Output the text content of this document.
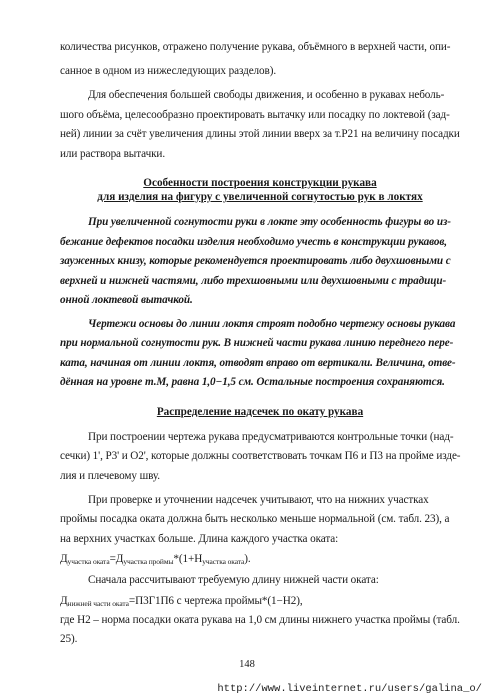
количества рисунков, отражено получение рукава, объёмного в верхней части, опи-
санное в одном из нижеследующих разделов).
Для обеспечения большей свободы движения, и особенно в рукавах неболь-
шого объёма, целесообразно проектировать вытачку или посадку по локтевой (зад-
ней) линии за счёт увеличения длины этой линии вверх за т.Р21 на величину посадки
или раствора вытачки.
Особенности построения конструкции рукава
для изделия на фигуру с увеличенной согнутостью рук в локтях
При увеличенной согнутости руки в локте эту особенность фигуры во из-
бежание дефектов посадки изделия необходимо учесть в конструкции рукавов,
зауженных книзу, которые рекомендуется проектировать либо двухшовными с
верхней и нижней частями, либо трехшовными или двухшовными с традици-
онной локтевой вытачкой.
Чертежи основы до линии локтя строят подобно чертежу основы рукава
при нормальной согнутости рук. В нижней части рукава линию переднего пере-
ката, начиная от линии локтя, отводят вправо от вертикали. Величина, отве-
дённая на уровне т.М, равна 1,0−1,5 см. Остальные построения сохраняются.
Распределение надсечек по окату рукава
При построении чертежа рукава предусматриваются контрольные точки (над-
сечки) 1', Р3' и О2', которые должны соответствовать точкам П6 и П3 на пройме изде-
лия и плечевому шву.
При проверке и уточнении надсечек учитывают, что на нижних участках
проймы посадка оката должна быть несколько меньше нормальной (см. табл. 23), а
на верхних участках больше. Длина каждого участка оката:
$Д_{участка оката}=Д_{участка проймы}*(1+Н_{участка оката})$.
Сначала рассчитывают требуемую длину нижней части оката:
$Д_{нижней части оката}=П3Г1П6$ с чертежа проймы*(1−Н2),
где Н2 – норма посадки оката рукава на 1,0 см длины нижнего участка проймы (табл.
25).
148
http://www.liveinternet.ru/users/galina_o/
